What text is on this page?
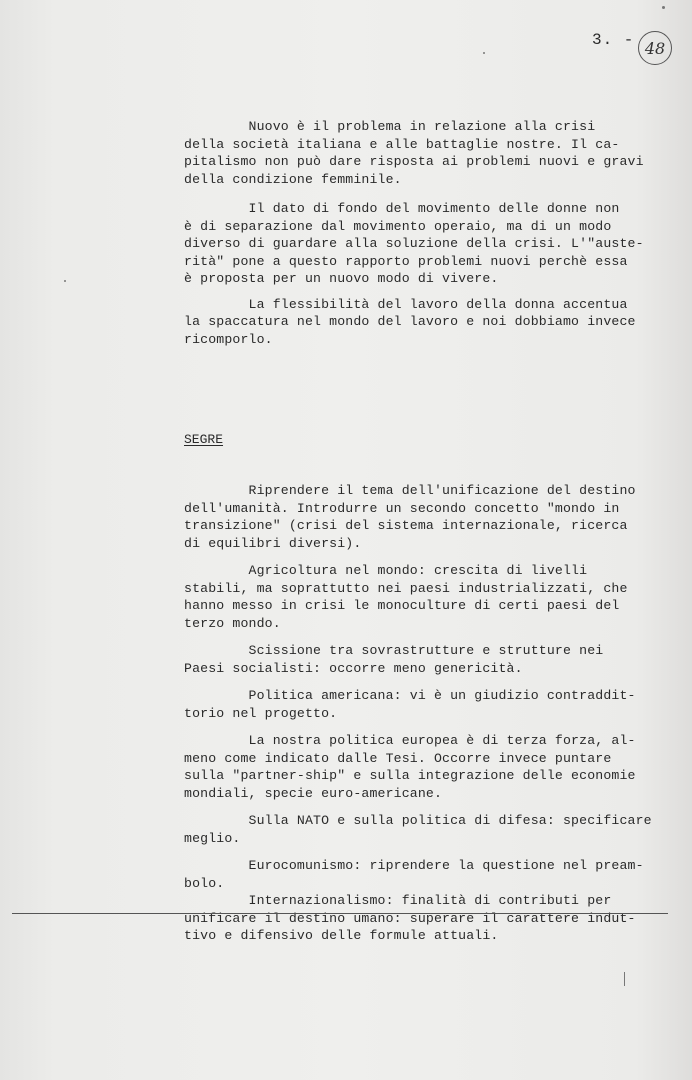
3. - 48
Nuovo è il problema in relazione alla crisi
della società italiana e alle battaglie nostre. Il ca-
pitalismo non può dare risposta ai problemi nuovi e gravi
della condizione femminile.
Il dato di fondo del movimento delle donne non
è di separazione dal movimento operaio, ma di un modo
diverso di guardare alla soluzione della crisi. L'"auste-
rità" pone a questo rapporto problemi nuovi perchè essa
è proposta per un nuovo modo di vivere.
La flessibilità del lavoro della donna accentua
la spaccatura nel mondo del lavoro e noi dobbiamo invece
ricomporlo.
SEGRE
Riprendere il tema dell'unificazione del destino
dell'umanità. Introdurre un secondo concetto "mondo in
transizione" (crisi del sistema internazionale, ricerca
di equilibri diversi).
Agricoltura nel mondo: crescita di livelli
stabili, ma soprattutto nei paesi industrializzati, che
hanno messo in crisi le monoculture di certi paesi del
terzo mondo.
Scissione tra sovrastrutture e strutture nei
Paesi socialisti: occorre meno genericità.
Politica americana: vi è un giudizio contraddit-
torio nel progetto.
La nostra politica europea è di terza forza, al-
meno come indicato dalle Tesi. Occorre invece puntare
sulla "partner-ship" e sulla integrazione delle economie
mondiali, specie euro-americane.
Sulla NATO e sulla politica di difesa: specificare
meglio.
Eurocomunismo: riprendere la questione nel pream-
bolo.
Internazionalismo: finalità di contributi per
unificare il destino umano: superare il carattere indut-
tivo e difensivo delle formule attuali.
